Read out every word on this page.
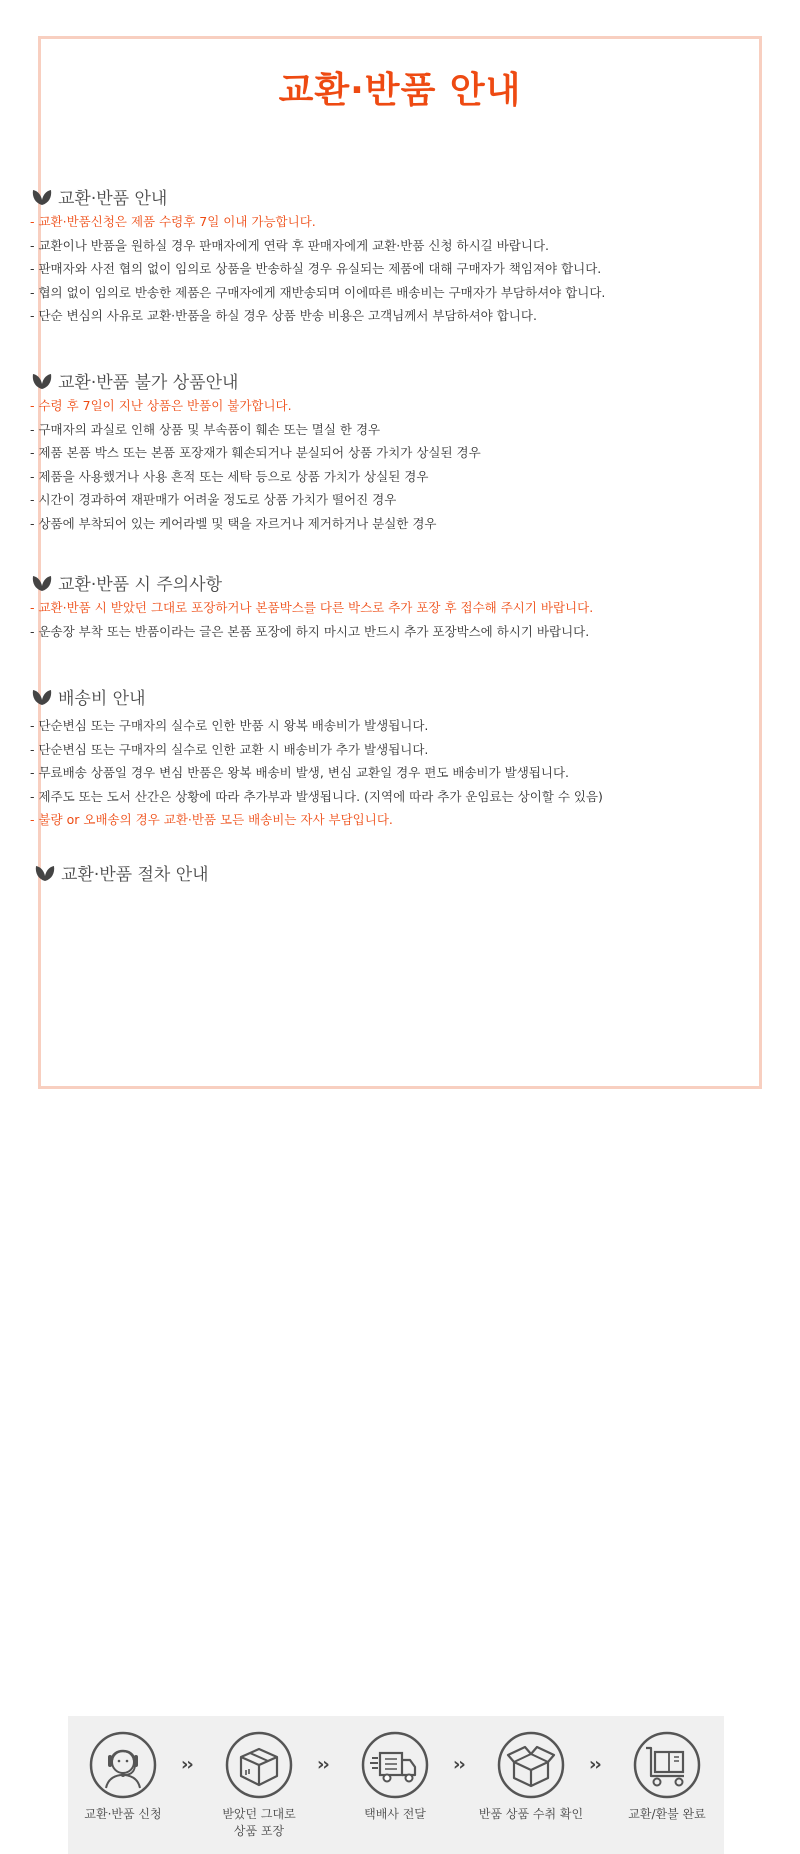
교환·반품 안내
교환·반품 안내
- 교환·반품신청은 제품 수령후 7일 이내 가능합니다.
- 교환이나 반품을 원하실 경우 판매자에게 연락 후 판매자에게 교환·반품 신청 하시길 바랍니다.
- 판매자와 사전 협의 없이 임의로 상품을 반송하실 경우 유실되는 제품에 대해 구매자가 책임져야 합니다.
- 협의 없이 임의로 반송한 제품은 구매자에게 재반송되며 이에따른 배송비는 구매자가 부담하셔야 합니다.
- 단순 변심의 사유로 교환·반품을 하실 경우 상품 반송 비용은 고객님께서 부담하셔야 합니다.
교환·반품 불가 상품안내
- 수령 후 7일이 지난 상품은 반품이 불가합니다.
- 구매자의 과실로 인해 상품 및 부속품이 훼손 또는 멸실 한 경우
- 제품 본품 박스 또는 본품 포장재가 훼손되거나 분실되어 상품 가치가 상실된 경우
- 제품을 사용했거나 사용 흔적 또는 세탁 등으로 상품 가치가 상실된 경우
- 시간이 경과하여 재판매가 어려울 정도로 상품 가치가 떨어진 경우
- 상품에 부착되어 있는 케어라벨 및 택을 자르거나 제거하거나 분실한 경우
교환·반품 시 주의사항
- 교환·반품 시 받았던 그대로 포장하거나 본품박스를 다른 박스로 추가 포장 후 접수해 주시기 바랍니다.
- 운송장 부착 또는 반품이라는 글은 본품 포장에 하지 마시고 반드시 추가 포장박스에 하시기 바랍니다.
배송비 안내
- 단순변심 또는 구매자의 실수로 인한 반품 시 왕복 배송비가 발생됩니다.
- 단순변심 또는 구매자의 실수로 인한 교환 시 배송비가 추가 발생됩니다.
- 무료배송 상품일 경우 변심 반품은 왕복 배송비 발생, 변심 교환일 경우 편도 배송비가 발생됩니다.
- 제주도 또는 도서 산간은 상황에 따라 추가부과 발생됩니다. (지역에 따라 추가 운임료는 상이할 수 있음)
- 불량 or 오배송의 경우 교환·반품 모든 배송비는 자사 부담입니다.
교환·반품 절차 안내
교환·반품 신청
››
받았던 그대로
상품 포장
››
택배사 전달
››
반품 상품 수취 확인
››
교환/환불 완료
